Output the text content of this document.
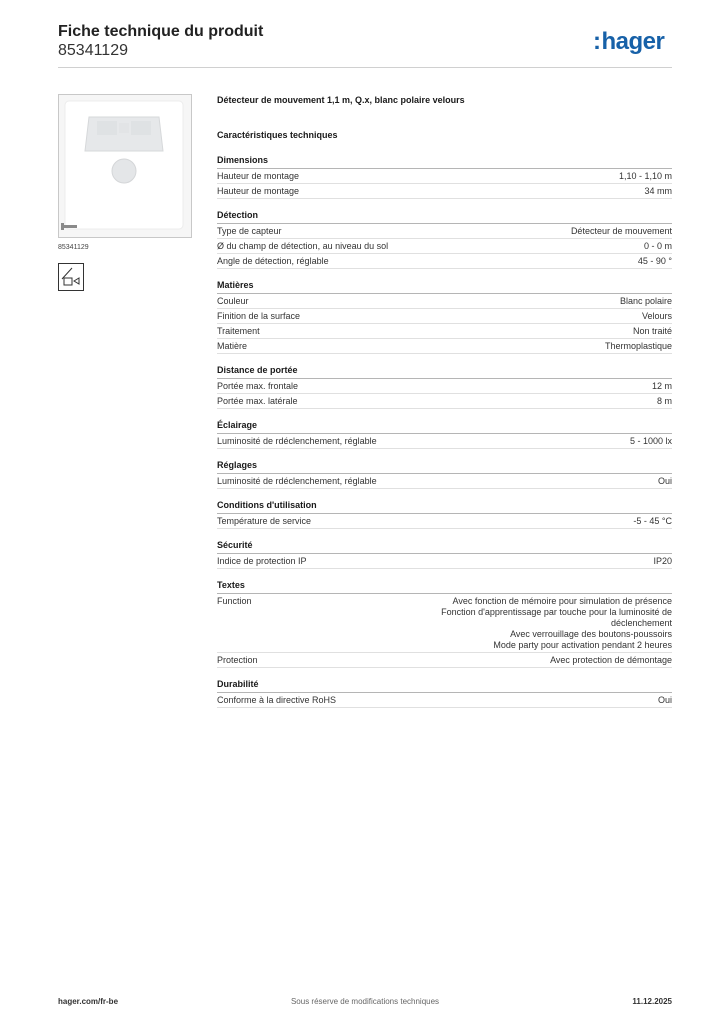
Fiche technique du produit
85341129	:hager
85341129
Détecteur de mouvement 1,1 m, Q.x, blanc polaire velours
Caractéristiques techniques
Dimensions
Hauteur de montage	1,10 - 1,10 m
Hauteur de montage	34 mm
Détection
Type de capteur	Détecteur de mouvement
Ø du champ de détection, au niveau du sol	0 - 0 m
Angle de détection, réglable	45 - 90 °
Matières
Couleur	Blanc polaire
Finition de la surface	Velours
Traitement	Non traité
Matière	Thermoplastique
Distance de portée
Portée max. frontale	12 m
Portée max. latérale	8 m
Éclairage
Luminosité de rdéclenchement, réglable	5 - 1000 lx
Réglages
Luminosité de rdéclenchement, réglable	Oui
Conditions d'utilisation
Température de service	-5 - 45 °C
Sécurité
Indice de protection IP	IP20
Textes
Function	Avec fonction de mémoire pour simulation de présence
Fonction d'apprentissage par touche pour la luminosité de
déclenchement
Avec verrouillage des boutons-poussoirs
Mode party pour activation pendant 2 heures
Protection	Avec protection de démontage
Durabilité
Conforme à la directive RoHS	Oui
hager.com/fr-be	Sous réserve de modifications techniques	11.12.2025
